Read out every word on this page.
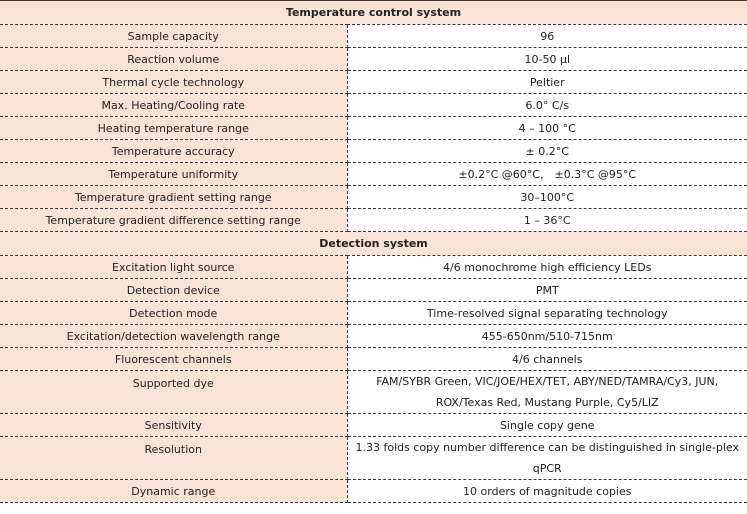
Temperature control system	
Sample capacity	96
Reaction volume	10-50 µl
Thermal cycle technology	Peltier
Max. Heating/Cooling rate	6.0° C/s
Heating temperature range	4 – 100 °C
Temperature accuracy	± 0.2°C
Temperature uniformity	±0.2°C @60°C， ±0.3°C @95°C
Temperature gradient setting range	30–100°C
Temperature gradient difference setting range	1 – 36°C
Detection system	
Excitation light source	4/6 monochrome high efficiency LEDs
Detection device	PMT
Detection mode	Time-resolved signal separating technology
Excitation/detection wavelength range	455-650nm/510-715nm
Fluorescent channels	4/6 channels
Supported dye	FAM/SYBR Green, VIC/JOE/HEX/TET, ABY/NED/TAMRA/Cy3, JUN, ROX/Texas Red, Mustang Purple, Cy5/LIZ
Sensitivity	Single copy gene
Resolution	1.33 folds copy number difference can be distinguished in single-plex qPCR
Dynamic range	10 orders of magnitude copies
